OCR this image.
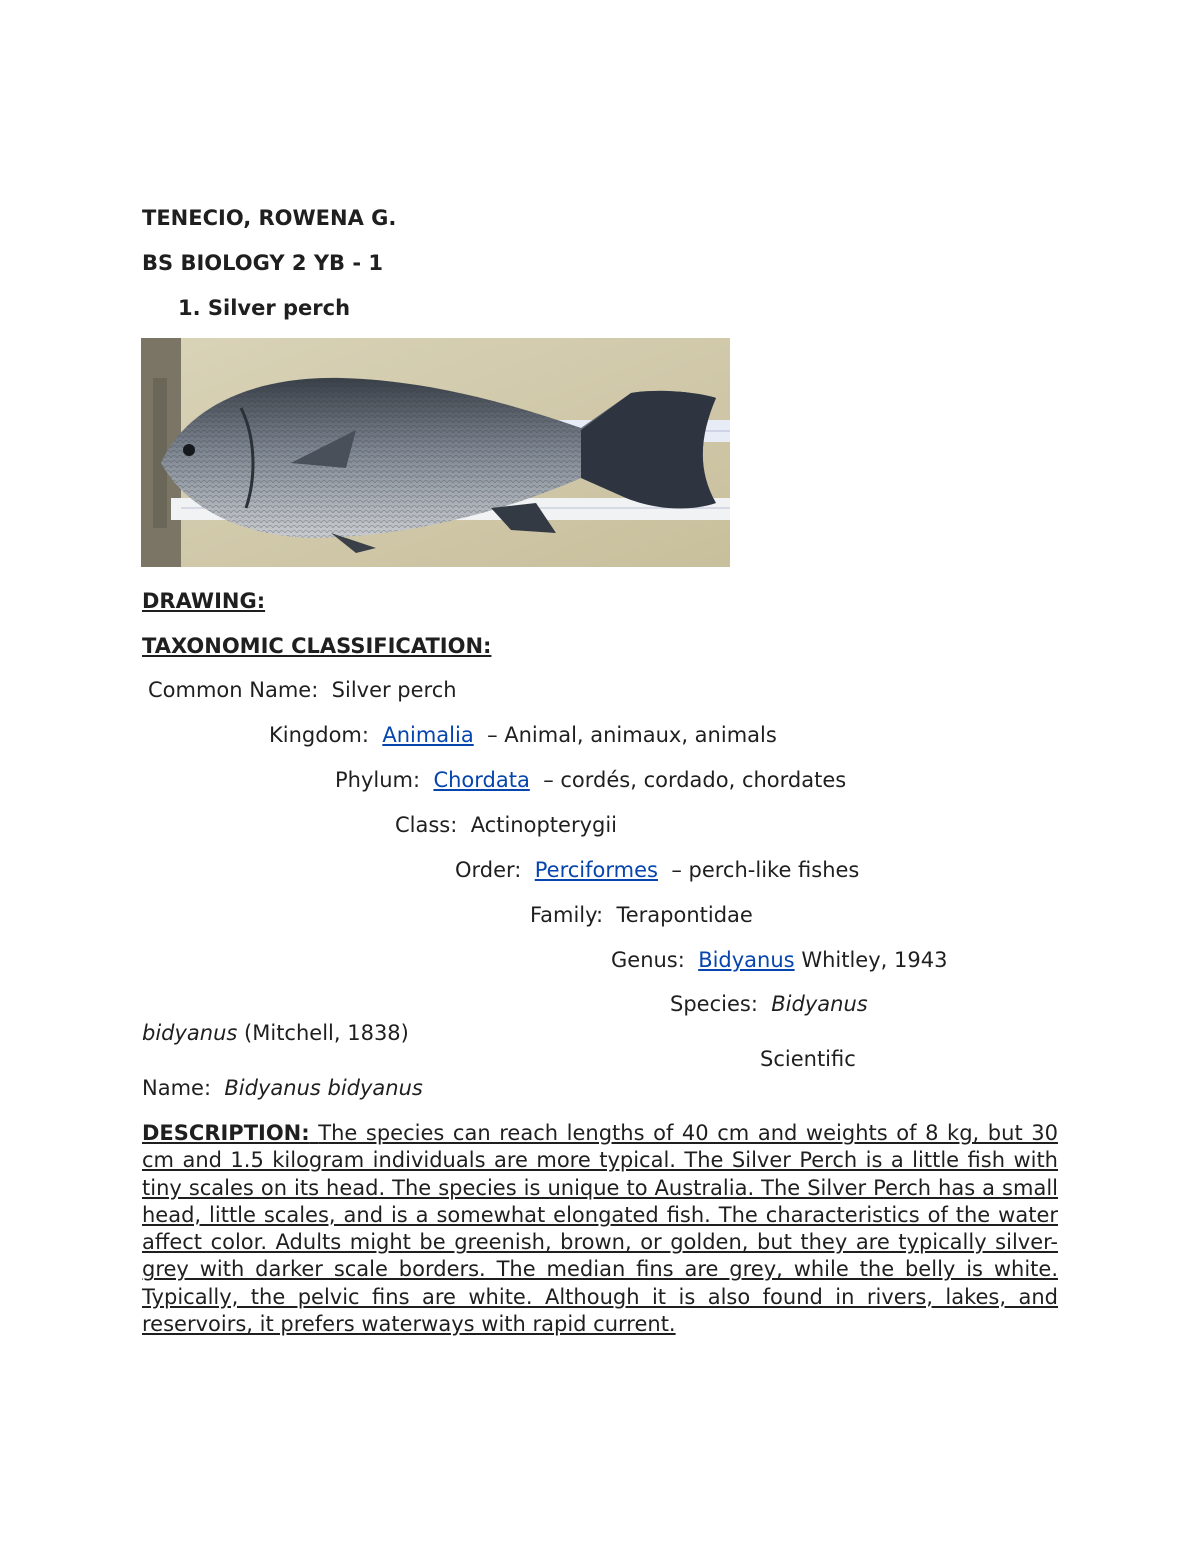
TENECIO, ROWENA G.
BS BIOLOGY 2 YB - 1
1. Silver perch
DRAWING:
TAXONOMIC CLASSIFICATION:
Common Name: Silver perch
Kingdom: Animalia – Animal, animaux, animals
Phylum: Chordata – cordés, cordado, chordates
Class: Actinopterygii
Order: Perciformes – perch-like fishes
Family: Terapontidae
Genus: Bidyanus Whitley, 1943
Species: Bidyanus
bidyanus (Mitchell, 1838)
Scientific
Name: Bidyanus bidyanus
DESCRIPTION: The species can reach lengths of 40 cm and weights of 8 kg, but 30 cm and 1.5 kilogram individuals are more typical. The Silver Perch is a little fish with tiny scales on its head. The species is unique to Australia. The Silver Perch has a small head, little scales, and is a somewhat elongated fish. The characteristics of the water affect color. Adults might be greenish, brown, or golden, but they are typically silver-grey with darker scale borders. The median fins are grey, while the belly is white. Typically, the pelvic fins are white. Although it is also found in rivers, lakes, and reservoirs, it prefers waterways with rapid current.
